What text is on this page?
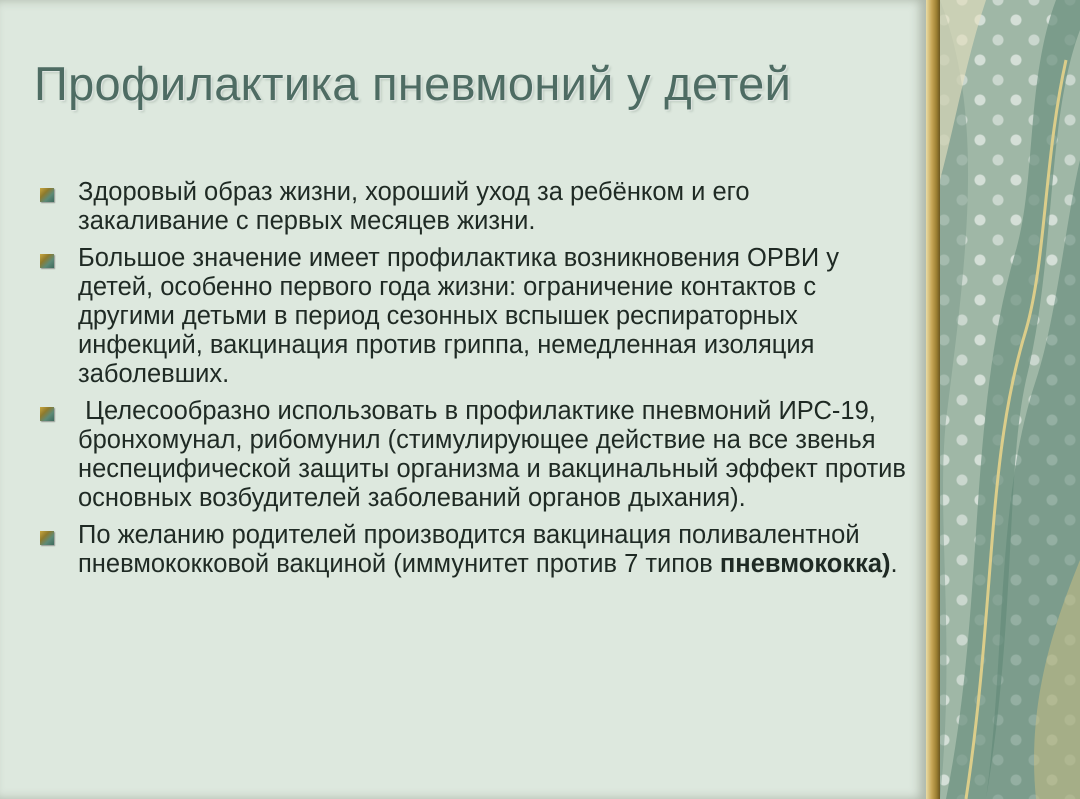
Профилактика пневмоний у детей
Здоровый образ жизни, хороший уход за ребёнком и его закаливание с первых месяцев жизни.
Большое значение имеет профилактика возникновения ОРВИ у детей, особенно первого года жизни: ограничение контактов с другими детьми в период сезонных вспышек респираторных инфекций, вакцинация против гриппа, немедленная изоляция заболевших.
Целесообразно использовать в профилактике пневмоний ИРС-19, бронхомунал, рибомунил (стимулирующее действие на все звенья неспецифической защиты организма и вакцинальный эффект против основных возбудителей заболеваний органов дыхания).
По желанию родителей производится вакцинация поливалентной пневмококковой вакциной (иммунитет против 7 типов пневмококка).
